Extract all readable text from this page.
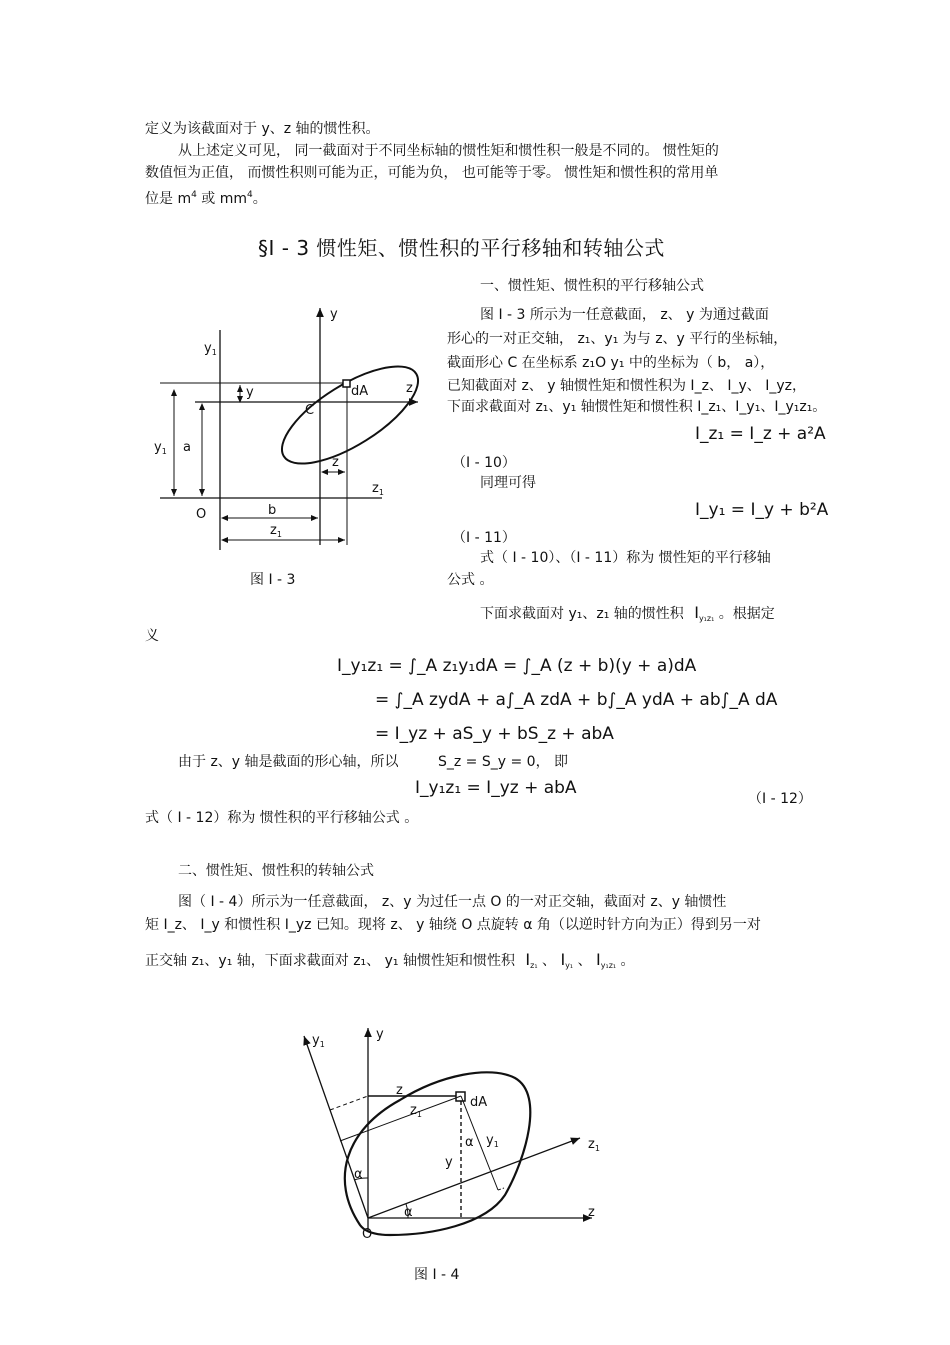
定义为该截面对于 y、z 轴的惯性积。
从上述定义可见， 同一截面对于不同坐标轴的惯性矩和惯性积一般是不同的。 惯性矩的
数值恒为正值， 而惯性积则可能为正，可能为负， 也可能等于零。 惯性矩和惯性积的常用单
位是 $m^4$ 或 $mm^4$。
§I - 3 惯性矩、惯性积的平行移轴和转轴公式
一、惯性矩、惯性积的平行移轴公式
图 I - 3 所示为一任意截面， z、 y 为通过截面
形心的一对正交轴， z₁、y₁ 为与 z、y 平行的坐标轴，
截面形心 C 在坐标系 z₁O y₁ 中的坐标为（ b， a），
已知截面对 z、 y 轴惯性矩和惯性积为 I_z、 I_y、 I_yz，
下面求截面对 z₁、y₁ 轴惯性矩和惯性积 I_z₁、I_y₁、I_y₁z₁。
I_z₁ = I_z + a²A
（I - 10）
同理可得
I_y₁ = I_y + b²A
（I - 11）
式（ I - 10）、（I - 11）称为 惯性矩的平行移轴
公式 。
下面求截面对 y₁、z₁ 轴的惯性积 $I_{y_1z_1}$ 。根据定
义
y
$y_1$
z
$z_1$
dA
C
O
a
$y_1$
y
z
b
$z_1$
图 I - 3
I_y₁z₁ = ∫_A z₁y₁dA = ∫_A (z + b)(y + a)dA
= ∫_A zydA + a∫_A zdA + b∫_A ydA + ab∫_A dA
= I_yz + aS_y + bS_z + abA
由于 z、y 轴是截面的形心轴，所以	S_z = S_y = 0， 即
I_y₁z₁ = I_yz + abA
（I - 12）
式（ I - 12）称为 惯性积的平行移轴公式 。
二、惯性矩、惯性积的转轴公式
图（ I - 4）所示为一任意截面， z、y 为过任一点 O 的一对正交轴，截面对 z、y 轴惯性
矩 I_z、 I_y 和惯性积 I_yz 已知。现将 z、 y 轴绕 O 点旋转 α 角（以逆时针方向为正）得到另一对
正交轴 z₁、y₁ 轴，下面求截面对 z₁、 y₁ 轴惯性矩和惯性积 $I_{z_1}$ 、 $I_{y_1}$ 、 $I_{y_1z_1}$ 。
y
$y_1$
z
$z_1$
z
$z_1$
dA
y
$y_1$
α
α
α
O
图 I - 4
